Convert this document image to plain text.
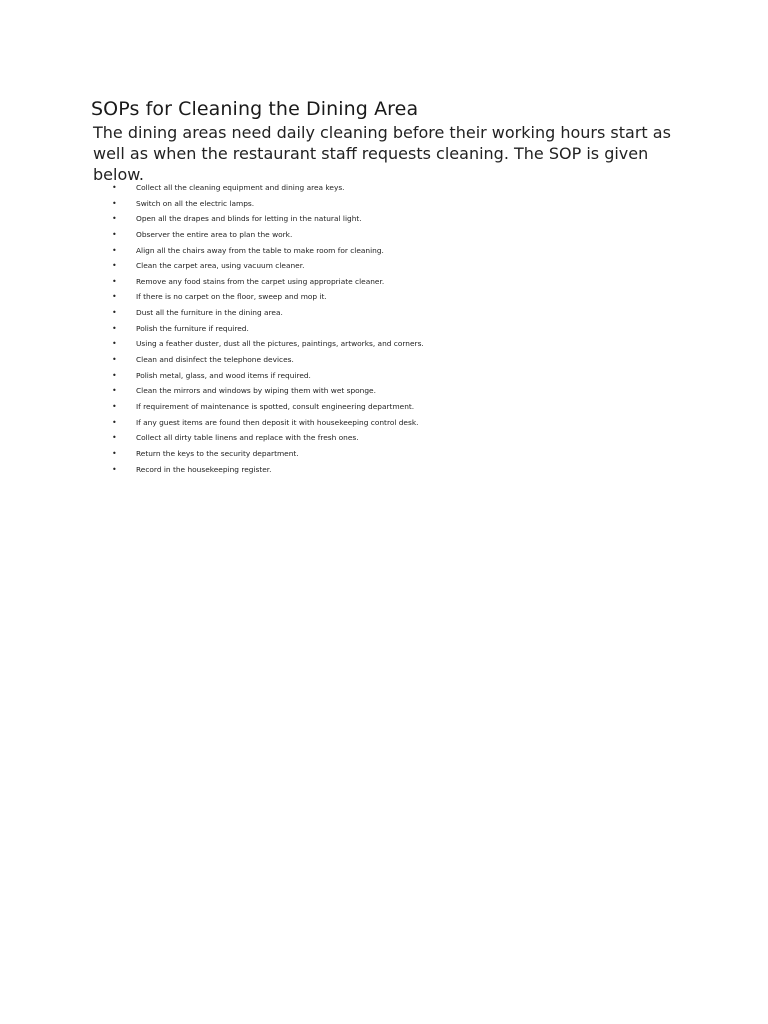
SOPs for Cleaning the Dining Area

The dining areas need daily cleaning before their working hours start as well as when the restaurant staff requests cleaning. The SOP is given below.

•	Collect all the cleaning equipment and dining area keys.
•	Switch on all the electric lamps.
•	Open all the drapes and blinds for letting in the natural light.
•	Observer the entire area to plan the work.
•	Align all the chairs away from the table to make room for cleaning.
•	Clean the carpet area, using vacuum cleaner.
•	Remove any food stains from the carpet using appropriate cleaner.
•	If there is no carpet on the floor, sweep and mop it.
•	Dust all the furniture in the dining area.
•	Polish the furniture if required.
•	Using a feather duster, dust all the pictures, paintings, artworks, and corners.
•	Clean and disinfect the telephone devices.
•	Polish metal, glass, and wood items if required.
•	Clean the mirrors and windows by wiping them with wet sponge.
•	If requirement of maintenance is spotted, consult engineering department.
•	If any guest items are found then deposit it with housekeeping control desk.
•	Collect all dirty table linens and replace with the fresh ones.
•	Return the keys to the security department.
•	Record in the housekeeping register.
